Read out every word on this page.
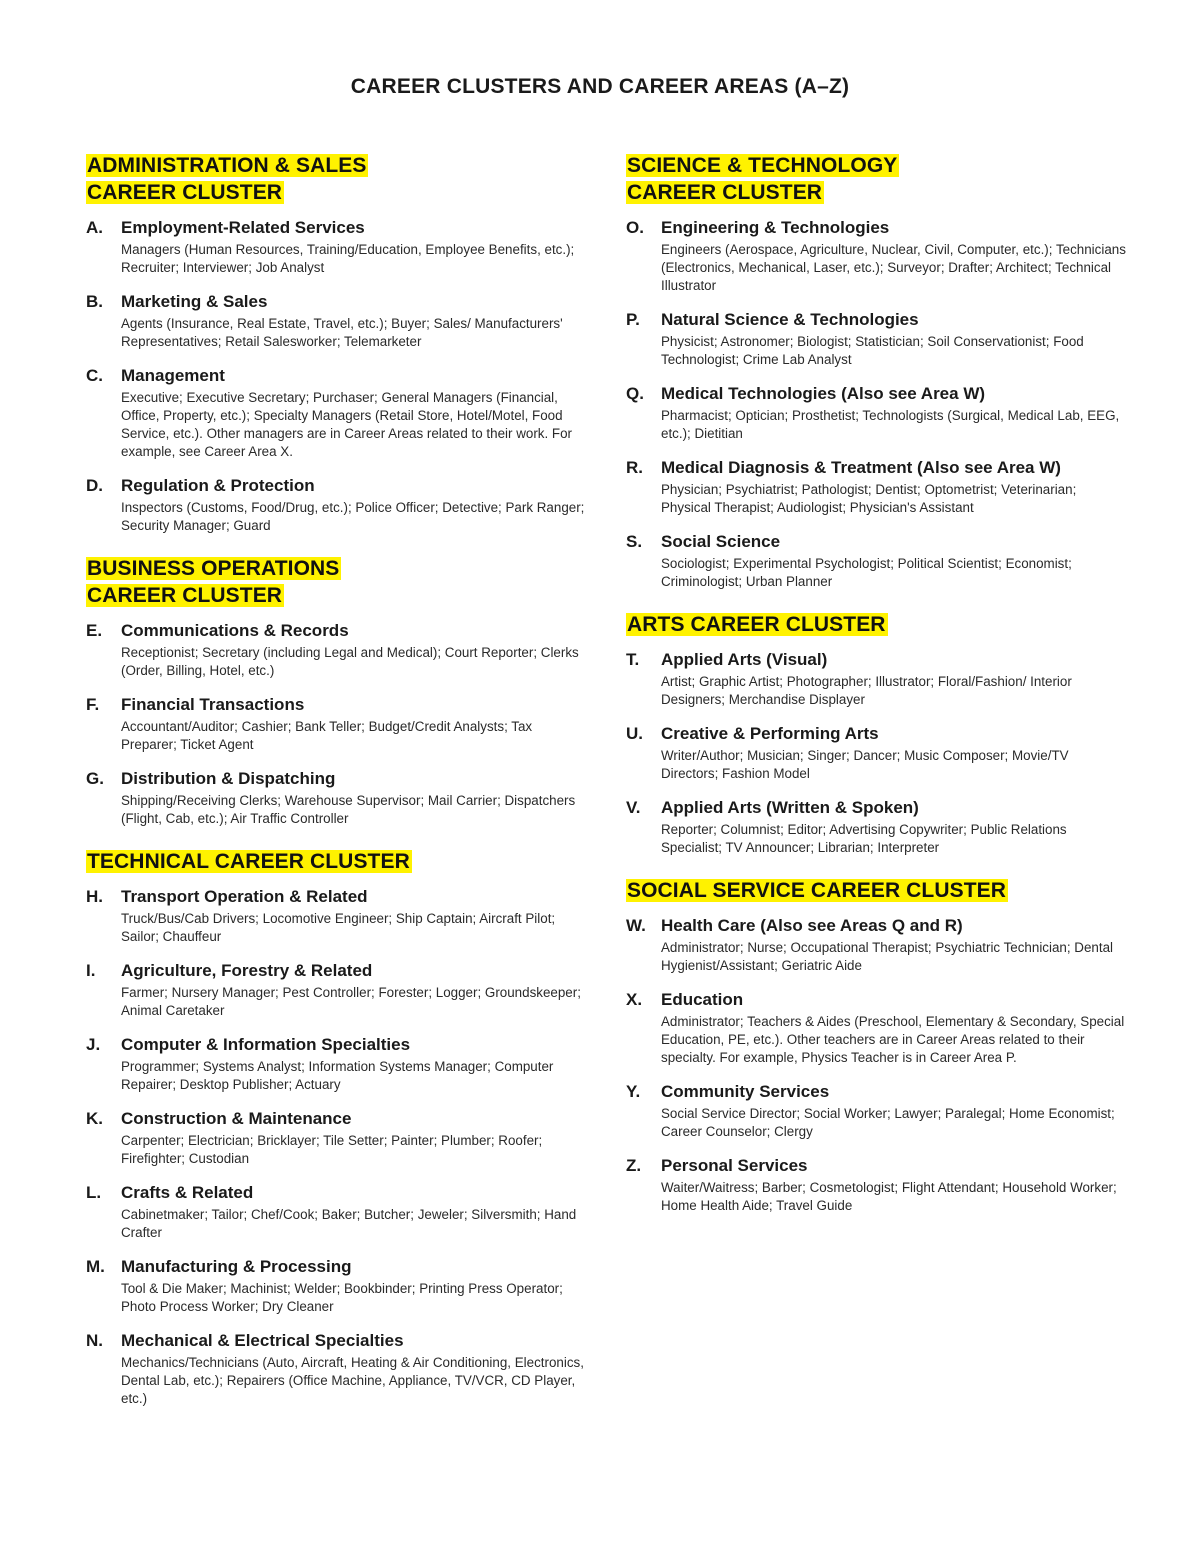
CAREER CLUSTERS AND CAREER AREAS (A–Z)
ADMINISTRATION & SALES
CAREER CLUSTER
A.	Employment-Related Services
Managers (Human Resources, Training/Education, Employee Benefits, etc.); Recruiter; Interviewer; Job Analyst
B.	Marketing & Sales
Agents (Insurance, Real Estate, Travel, etc.); Buyer; Sales/ Manufacturers' Representatives; Retail Salesworker; Telemarketer
C.	Management
Executive; Executive Secretary; Purchaser; General Managers (Financial, Office, Property, etc.); Specialty Managers (Retail Store, Hotel/Motel, Food Service, etc.). Other managers are in Career Areas related to their work. For example, see Career Area X.
D.	Regulation & Protection
Inspectors (Customs, Food/Drug, etc.); Police Officer; Detective; Park Ranger; Security Manager; Guard
BUSINESS OPERATIONS
CAREER CLUSTER
E.	Communications & Records
Receptionist; Secretary (including Legal and Medical); Court Reporter; Clerks (Order, Billing, Hotel, etc.)
F.	Financial Transactions
Accountant/Auditor; Cashier; Bank Teller; Budget/Credit Analysts; Tax Preparer; Ticket Agent
G.	Distribution & Dispatching
Shipping/Receiving Clerks; Warehouse Supervisor; Mail Carrier; Dispatchers (Flight, Cab, etc.); Air Traffic Controller
TECHNICAL CAREER CLUSTER
H.	Transport Operation & Related
Truck/Bus/Cab Drivers; Locomotive Engineer; Ship Captain; Aircraft Pilot; Sailor; Chauffeur
I.	Agriculture, Forestry & Related
Farmer; Nursery Manager; Pest Controller; Forester; Logger; Groundskeeper; Animal Caretaker
J.	Computer & Information Specialties
Programmer; Systems Analyst; Information Systems Manager; Computer Repairer; Desktop Publisher; Actuary
K.	Construction & Maintenance
Carpenter; Electrician; Bricklayer; Tile Setter; Painter; Plumber; Roofer; Firefighter; Custodian
L.	Crafts & Related
Cabinetmaker; Tailor; Chef/Cook; Baker; Butcher; Jeweler; Silversmith; Hand Crafter
M. Manufacturing & Processing
Tool & Die Maker; Machinist; Welder; Bookbinder; Printing Press Operator; Photo Process Worker; Dry Cleaner
N.	Mechanical & Electrical Specialties
Mechanics/Technicians (Auto, Aircraft, Heating & Air Conditioning, Electronics, Dental Lab, etc.); Repairers (Office Machine, Appliance, TV/VCR, CD Player, etc.)
SCIENCE & TECHNOLOGY
CAREER CLUSTER
O.	Engineering & Technologies
Engineers (Aerospace, Agriculture, Nuclear, Civil, Computer, etc.); Technicians (Electronics, Mechanical, Laser, etc.); Surveyor; Drafter; Architect; Technical Illustrator
P.	Natural Science & Technologies
Physicist; Astronomer; Biologist; Statistician; Soil Conservationist; Food Technologist; Crime Lab Analyst
Q.	Medical Technologies (Also see Area W)
Pharmacist; Optician; Prosthetist; Technologists (Surgical, Medical Lab, EEG, etc.); Dietitian
R.	Medical Diagnosis & Treatment (Also see Area W)
Physician; Psychiatrist; Pathologist; Dentist; Optometrist; Veterinarian; Physical Therapist; Audiologist; Physician's Assistant
S.	Social Science
Sociologist; Experimental Psychologist; Political Scientist; Economist; Criminologist; Urban Planner
ARTS CAREER CLUSTER
T.	Applied Arts (Visual)
Artist; Graphic Artist; Photographer; Illustrator; Floral/Fashion/ Interior Designers; Merchandise Displayer
U.	Creative & Performing Arts
Writer/Author; Musician; Singer; Dancer; Music Composer; Movie/TV Directors; Fashion Model
V.	Applied Arts (Written & Spoken)
Reporter; Columnist; Editor; Advertising Copywriter; Public Relations Specialist; TV Announcer; Librarian; Interpreter
SOCIAL SERVICE CAREER CLUSTER
W. Health Care (Also see Areas Q and R)
Administrator; Nurse; Occupational Therapist; Psychiatric Technician; Dental Hygienist/Assistant; Geriatric Aide
X.	Education
Administrator; Teachers & Aides (Preschool, Elementary & Secondary, Special Education, PE, etc.). Other teachers are in Career Areas related to their specialty. For example, Physics Teacher is in Career Area P.
Y.	Community Services
Social Service Director; Social Worker; Lawyer; Paralegal; Home Economist; Career Counselor; Clergy
Z.	Personal Services
Waiter/Waitress; Barber; Cosmetologist; Flight Attendant; Household Worker; Home Health Aide; Travel Guide
